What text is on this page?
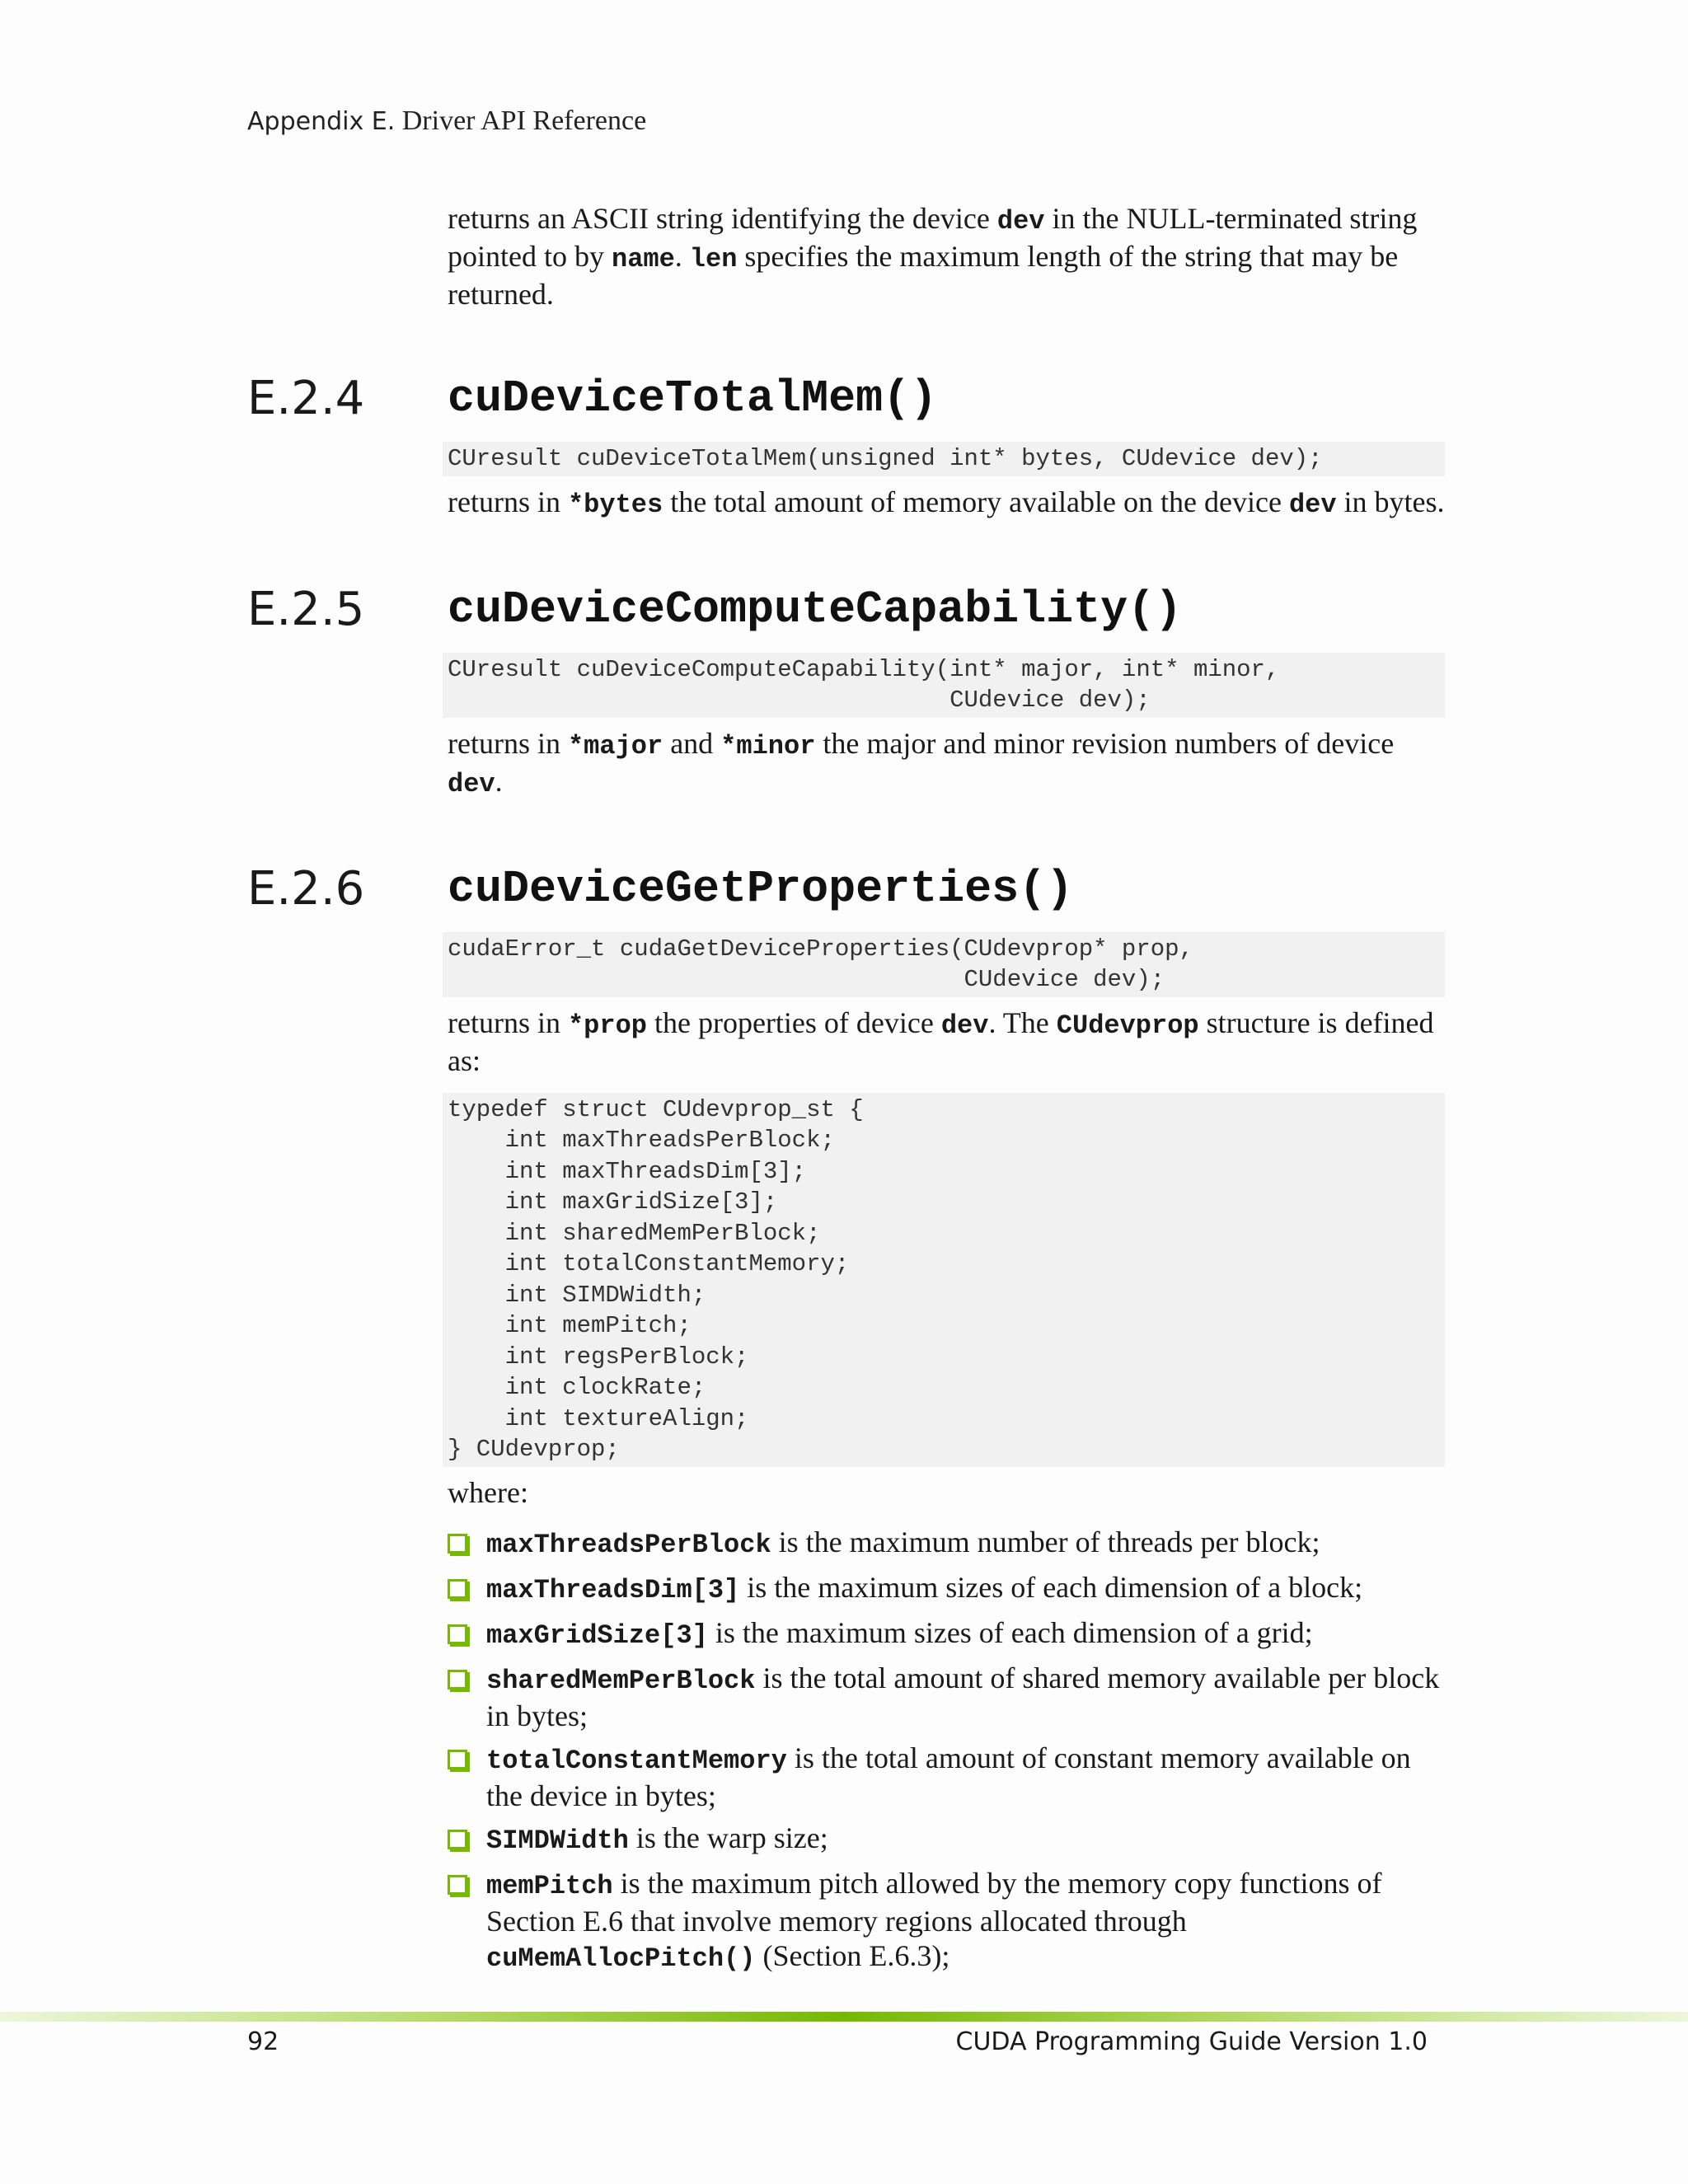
Appendix E. Driver API Reference

returns an ASCII string identifying the device dev in the NULL-terminated string pointed to by name. len specifies the maximum length of the string that may be returned.

E.2.4 cuDeviceTotalMem()
CUresult cuDeviceTotalMem(unsigned int* bytes, CUdevice dev);

returns in *bytes the total amount of memory available on the device dev in bytes.

E.2.5 cuDeviceComputeCapability()
CUresult cuDeviceComputeCapability(int* major, int* minor,
CUdevice dev);

returns in *major and *minor the major and minor revision numbers of device dev.

E.2.6 cuDeviceGetProperties()
cudaError_t cudaGetDeviceProperties(CUdevprop* prop,
CUdevice dev);

returns in *prop the properties of device dev. The CUdevprop structure is defined as:

typedef struct CUdevprop_st {
int maxThreadsPerBlock;
int maxThreadsDim[3];
int maxGridSize[3];
int sharedMemPerBlock;
int totalConstantMemory;
int SIMDWidth;
int memPitch;
int regsPerBlock;
int clockRate;
int textureAlign;
} CUdevprop;

where:

maxThreadsPerBlock is the maximum number of threads per block;
maxThreadsDim[3] is the maximum sizes of each dimension of a block;
maxGridSize[3] is the maximum sizes of each dimension of a grid;
sharedMemPerBlock is the total amount of shared memory available per block in bytes;
totalConstantMemory is the total amount of constant memory available on the device in bytes;
SIMDWidth is the warp size;
memPitch is the maximum pitch allowed by the memory copy functions of Section E.6 that involve memory regions allocated through cuMemAllocPitch() (Section E.6.3);
92	CUDA Programming Guide Version 1.0
